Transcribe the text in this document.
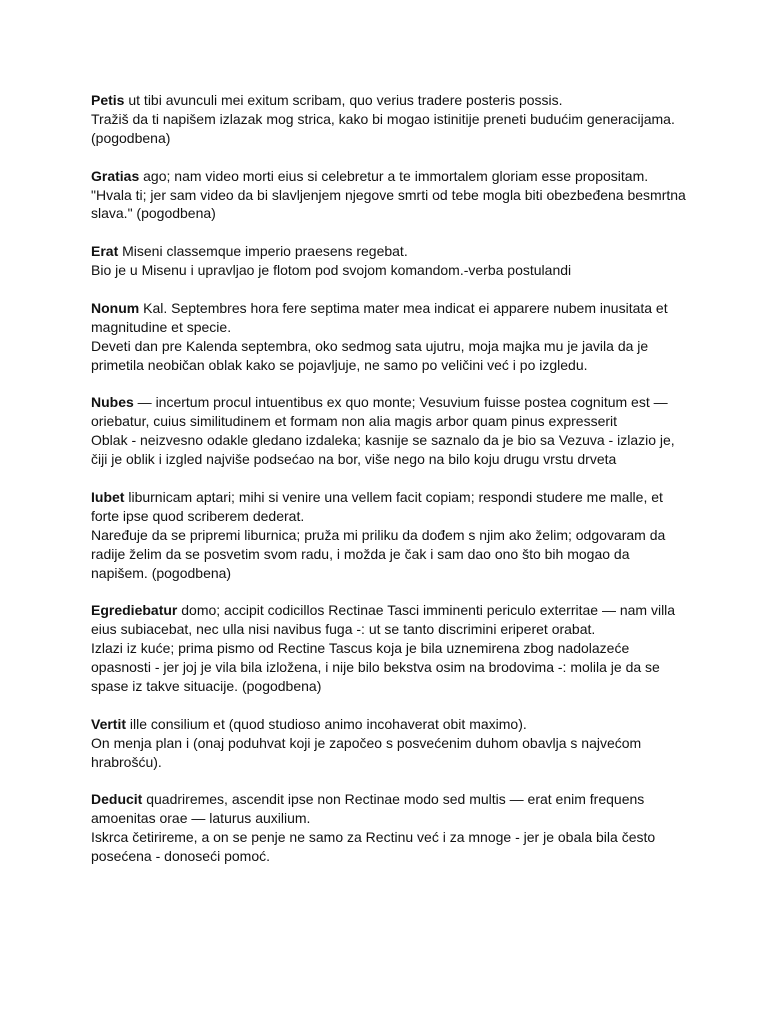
Petis ut tibi avunculi mei exitum scribam, quo verius tradere posteris possis.
Tražiš da ti napišem izlazak mog strica, kako bi mogao istinitije preneti budućim generacijama.
(pogodbena)
Gratias ago; nam video morti eius si celebretur a te immortalem gloriam esse propositam.
"Hvala ti; jer sam video da bi slavljenjem njegove smrti od tebe mogla biti obezbeđena besmrtna
slava." (pogodbena)
Erat Miseni classemque imperio praesens regebat.
Bio je u Misenu i upravljao je flotom pod svojom komandom.-verba postulandi
Nonum Kal. Septembres hora fere septima mater mea indicat ei apparere nubem inusitata et
magnitudine et specie.
Deveti dan pre Kalenda septembra, oko sedmog sata ujutru, moja majka mu je javila da je
primetila neobičan oblak kako se pojavljuje, ne samo po veličini već i po izgledu.
Nubes — incertum procul intuentibus ex quo monte; Vesuvium fuisse postea cognitum est —
oriebatur, cuius similitudinem et formam non alia magis arbor quam pinus expresserit
Oblak - neizvesno odakle gledano izdaleka; kasnije se saznalo da je bio sa Vezuva - izlazio je,
čiji je oblik i izgled najviše podsećao na bor, više nego na bilo koju drugu vrstu drveta
Iubet liburnicam aptari; mihi si venire una vellem facit copiam; respondi studere me malle, et
forte ipse quod scriberem dederat.
Naređuje da se pripremi liburnica; pruža mi priliku da dođem s njim ako želim; odgovaram da
radije želim da se posvetim svom radu, i možda je čak i sam dao ono što bih mogao da
napišem. (pogodbena)
Egrediebatur domo; accipit codicillos Rectinae Tasci imminenti periculo exterritae — nam villa
eius subiacebat, nec ulla nisi navibus fuga -: ut se tanto discrimini eriperet orabat.
Izlazi iz kuće; prima pismo od Rectine Tascus koja je bila uznemirena zbog nadolazeće
opasnosti - jer joj je vila bila izložena, i nije bilo bekstva osim na brodovima -: molila je da se
spase iz takve situacije. (pogodbena)
Vertit ille consilium et (quod studioso animo incohaverat obit maximo).
On menja plan i (onaj poduhvat koji je započeo s posvećenim duhom obavlja s najvećom
hrabrošću).
Deducit quadriremes, ascendit ipse non Rectinae modo sed multis — erat enim frequens
amoenitas orae — laturus auxilium.
Iskrca četirireme, a on se penje ne samo za Rectinu već i za mnoge - jer je obala bila često
posećena - donoseći pomoć.
